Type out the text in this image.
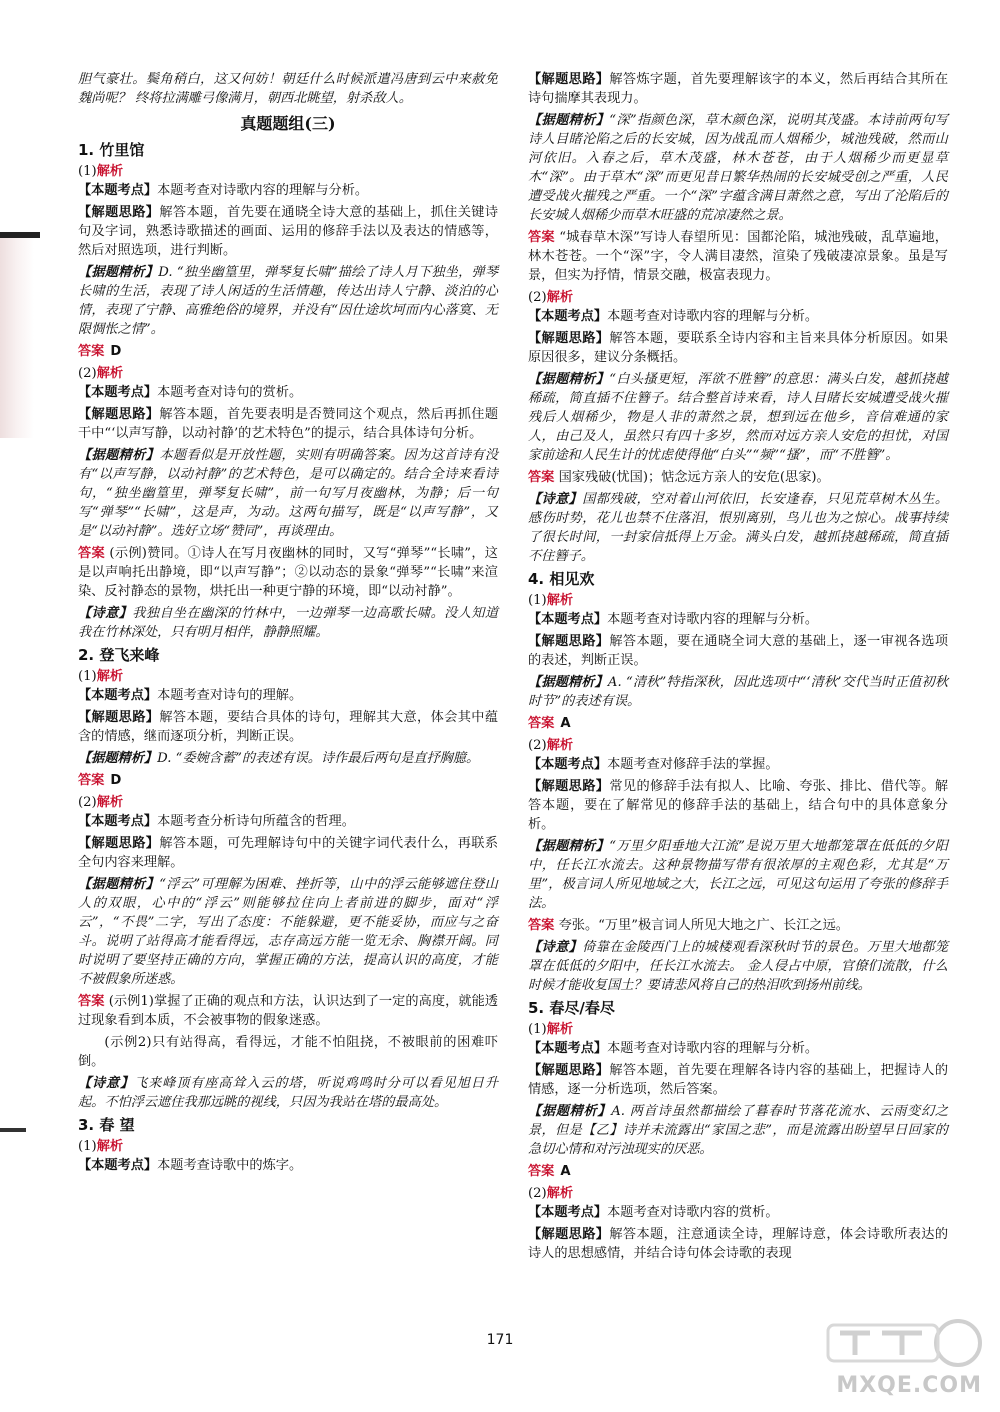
胆气豪壮。鬓角稍白，这又何妨！朝廷什么时候派遣冯唐到云中来赦免魏尚呢？ 终将拉满雕弓像满月，朝西北眺望，射杀敌人。

真题题组(三)
1. 竹里馆
(1)解析

【本题考点】本题考查对诗歌内容的理解与分析。

【解题思路】解答本题，首先要在通晓全诗大意的基础上，抓住关键诗句及字词，熟悉诗歌描述的画面、运用的修辞手法以及表达的情感等，然后对照选项，进行判断。

【据题精析】D. “独坐幽篁里，弹琴复长啸”描绘了诗人月下独坐，弹琴长啸的生活，表现了诗人闲适的生活情趣，传达出诗人宁静、淡泊的心情，表现了宁静、高雅绝俗的境界，并没有“因仕途坎坷而内心落寞、无限惆怅之情”。

答案 D

(2)解析

【本题考点】本题考查对诗句的赏析。

【解题思路】解答本题，首先要表明是否赞同这个观点，然后再抓住题干中“‘以声写静，以动衬静’的艺术特色”的提示，结合具体诗句分析。

【据题精析】本题看似是开放性题，实则有明确答案。因为这首诗有没有“以声写静，以动衬静”的艺术特色，是可以确定的。结合全诗来看诗句，“独坐幽篁里，弹琴复长啸”，前一句写月夜幽林，为静；后一句写“弹琴”“长啸”，这是声，为动。这两句描写，既是“以声写静”，又是“以动衬静”。选好立场“赞同”，再谈理由。

答案 (示例)赞同。①诗人在写月夜幽林的同时，又写“弹琴”“长啸”，这是以声响托出静境，即“以声写静”；②以动态的景象“弹琴”“长啸”来渲染、反衬静态的景物，烘托出一种更宁静的环境，即“以动衬静”。

【诗意】我独自坐在幽深的竹林中，一边弹琴一边高歌长啸。没人知道我在竹林深处，只有明月相伴，静静照耀。

2. 登飞来峰
(1)解析

【本题考点】本题考查对诗句的理解。

【解题思路】解答本题，要结合具体的诗句，理解其大意，体会其中蕴含的情感，继而逐项分析，判断正误。

【据题精析】D. “委婉含蓄”的表述有误。诗作最后两句是直抒胸臆。

答案 D

(2)解析

【本题考点】本题考查分析诗句所蕴含的哲理。

【解题思路】解答本题，可先理解诗句中的关键字词代表什么，再联系全句内容来理解。

【据题精析】“浮云”可理解为困难、挫折等，山中的浮云能够遮住登山人的双眼，心中的“浮云”则能够拉住向上者前进的脚步，面对“浮云”，“不畏”二字，写出了态度：不能躲避，更不能妥协，而应与之奋斗。说明了站得高才能看得远，志存高远方能一览无余、胸襟开阔。同时说明了要坚持正确的方向，掌握正确的方法，提高认识的高度，才能不被假象所迷惑。

答案 (示例1)掌握了正确的观点和方法，认识达到了一定的高度，就能透过现象看到本质，不会被事物的假象迷惑。

(示例2)只有站得高，看得远，才能不怕阻挠，不被眼前的困难吓倒。

【诗意】飞来峰顶有座高耸入云的塔，听说鸡鸣时分可以看见旭日升起。不怕浮云遮住我那远眺的视线，只因为我站在塔的最高处。

3. 春 望
(1)解析

【本题考点】本题考查诗歌中的炼字。

【解题思路】解答炼字题，首先要理解该字的本义，然后再结合其所在诗句揣摩其表现力。

【据题精析】“深”指颜色深，草木颜色深，说明其茂盛。本诗前两句写诗人目睹沦陷之后的长安城，因为战乱而人烟稀少，城池残破，然而山河依旧。入春之后，草木茂盛，林木苍苍，由于人烟稀少而更显草木“深”。由于草木“深”而更见昔日繁华热闹的长安城受创之严重，人民遭受战火摧残之严重。一个“深”字蕴含满目萧然之意，写出了沦陷后的长安城人烟稀少而草木旺盛的荒凉凄然之景。

答案 “城春草木深”写诗人春望所见：国都沦陷，城池残破，乱草遍地，林木苍苍。一个“深”字，令人满目凄然，渲染了残破凄凉景象。虽是写景，但实为抒情，情景交融，极富表现力。

(2)解析

【本题考点】本题考查对诗歌内容的理解与分析。

【解题思路】解答本题，要联系全诗内容和主旨来具体分析原因。如果原因很多，建议分条概括。

【据题精析】“白头搔更短，浑欲不胜簪”的意思：满头白发，越抓挠越稀疏，简直插不住簪子。结合整首诗来看，诗人目睹长安城遭受战火摧残后人烟稀少，物是人非的萧然之景，想到远在他乡，音信难通的家人，由己及人，虽然只有四十多岁，然而对远方亲人安危的担忧，对国家前途和人民生计的忧虑使得他“白头”“频”“搔”，而“不胜簪”。

答案 国家残破(忧国)；惦念远方亲人的安危(思家)。

【诗意】国都残破，空对着山河依旧，长安逢春，只见荒草树木丛生。感伤时势，花儿也禁不住落泪，恨别离别，鸟儿也为之惊心。战事持续了很长时间，一封家信抵得上万金。满头白发，越抓挠越稀疏，简直插不住簪子。

4. 相见欢
(1)解析

【本题考点】本题考查对诗歌内容的理解与分析。

【解题思路】解答本题，要在通晓全词大意的基础上，逐一审视各选项的表述，判断正误。

【据题精析】A. “清秋”特指深秋，因此选项中“‘清秋’交代当时正值初秋时节”的表述有误。

答案 A

(2)解析

【本题考点】本题考查对修辞手法的掌握。

【解题思路】常见的修辞手法有拟人、比喻、夸张、排比、借代等。解答本题，要在了解常见的修辞手法的基础上，结合句中的具体意象分析。

【据题精析】“万里夕阳垂地大江流”是说万里大地都笼罩在低低的夕阳中，任长江水流去。这种景物描写带有很浓厚的主观色彩，尤其是“万里”，极言词人所见地域之大，长江之远，可见这句运用了夸张的修辞手法。

答案 夸张。“万里”极言词人所见大地之广、长江之远。

【诗意】倚靠在金陵西门上的城楼观看深秋时节的景色。万里大地都笼罩在低低的夕阳中，任长江水流去。 金人侵占中原，官僚们流散，什么时候才能收复国土？要请悲风将自己的热泪吹到扬州前线。

5. 春尽/春尽
(1)解析

【本题考点】本题考查对诗歌内容的理解与分析。

【解题思路】解答本题，首先要在理解各诗内容的基础上，把握诗人的情感，逐一分析选项，然后答案。

【据题精析】A. 两首诗虽然都描绘了暮春时节落花流水、云雨变幻之景，但是【乙】诗并未流露出“家国之悲”，而是流露出盼望早日回家的急切心情和对污浊现实的厌恶。

答案 A

(2)解析

【本题考点】本题考查对诗歌内容的赏析。

【解题思路】解答本题，注意通读全诗，理解诗意，体会诗歌所表达的诗人的思想感情，并结合诗句体会诗歌的表现

171
MXQE.COM
